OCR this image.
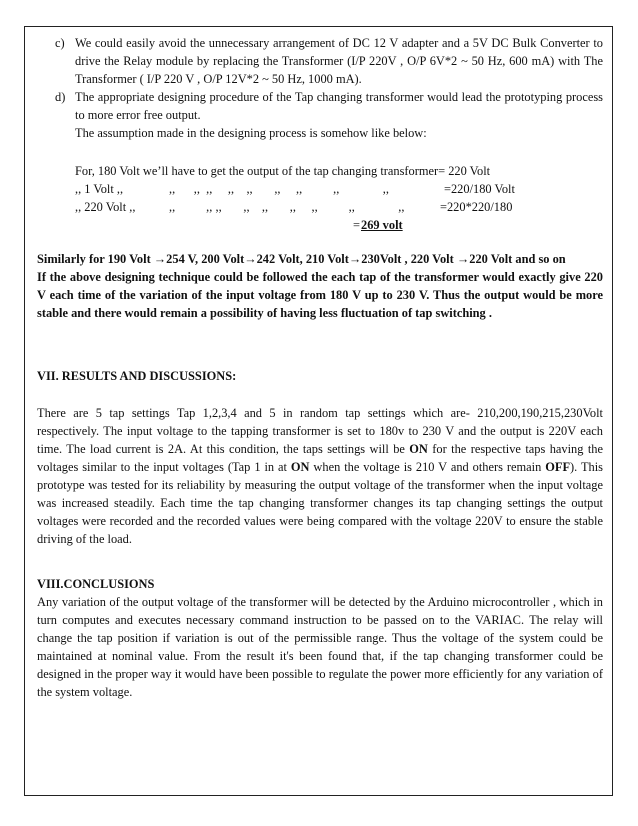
c) We could easily avoid the unnecessary arrangement of DC 12 V adapter and a 5V DC Bulk Converter to drive the Relay module by replacing the Transformer (I/P 220V , O/P 6V*2 ~ 50 Hz, 600 mA) with The Transformer ( I/P 220 V , O/P 12V*2 ~ 50 Hz, 1000 mA).

d) The appropriate designing procedure of the Tap changing transformer would lead the prototyping process to more error free output.

The assumption made in the designing process is somehow like below:

For, 180 Volt we’ll have to get the output of the tap changing transformer= 220 Volt
,, 1 Volt ,,	,,      ,,  ,,     ,,    ,,       ,,     ,,          ,,              ,,	=220/180 Volt
,, 220 Volt ,,	,,          ,, ,,       ,,    ,,       ,,     ,,          ,,              ,,	=220*220/180
= 269 volt

Similarly for 190 Volt →254 V, 200 Volt→242 Volt, 210 Volt→230Volt , 220 Volt →220 Volt and so on

If the above designing technique could be followed the each tap of the transformer would exactly give 220 V each time of the variation of the input voltage from 180 V up to 230 V. Thus the output would be more stable and there would remain a possibility of having less fluctuation of tap switching .

VII. RESULTS AND DISCUSSIONS:

There are 5 tap settings Tap 1,2,3,4 and 5 in random tap settings which are- 210,200,190,215,230Volt respectively. The input voltage to the tapping transformer is set to 180v to 230 V and the output is 220V each time. The load current is 2A. At this condition, the taps settings will be ON for the respective taps having the voltages similar to the input voltages (Tap 1 in at ON when the voltage is 210 V and others remain OFF). This prototype was tested for its reliability by measuring the output voltage of the transformer when the input voltage was increased steadily. Each time the tap changing transformer changes its tap changing settings the output voltages were recorded and the recorded values were being compared with the voltage 220V to ensure the stable driving of the load.

VIII.CONCLUSIONS

Any variation of the output voltage of the transformer will be detected by the Arduino microcontroller , which in turn computes and executes necessary command instruction to be passed on to the VARIAC. The relay will change the tap position if variation is out of the permissible range. Thus the voltage of the system could be maintained at nominal value. From the result it's been found that, if the tap changing transformer could be designed in the proper way it would have been possible to regulate the power more efficiently for any variation of the system voltage.
